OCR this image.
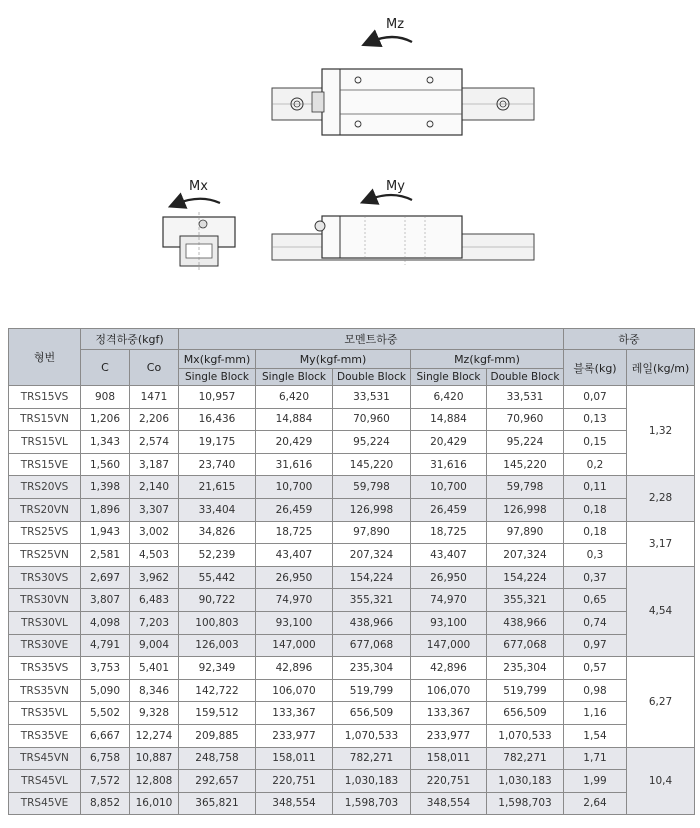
Mz
Mx	My
형번	정격하중(kgf)		모멘트하중					하중	
	C	Co	Mx(kgf-mm)	My(kgf-mm)		Mz(kgf-mm)		블록(kg)	레일(kg/m)
			Single Block	Single Block	Double Block	Single Block	Double Block		
TRS15VS	908	1471	10,957	6,420	33,531	6,420	33,531	0,07	1,32
TRS15VN	1,206	2,206	16,436	14,884	70,960	14,884	70,960	0,13	
TRS15VL	1,343	2,574	19,175	20,429	95,224	20,429	95,224	0,15	
TRS15VE	1,560	3,187	23,740	31,616	145,220	31,616	145,220	0,2	
TRS20VS	1,398	2,140	21,615	10,700	59,798	10,700	59,798	0,11	2,28
TRS20VN	1,896	3,307	33,404	26,459	126,998	26,459	126,998	0,18	
TRS25VS	1,943	3,002	34,826	18,725	97,890	18,725	97,890	0,18	3,17
TRS25VN	2,581	4,503	52,239	43,407	207,324	43,407	207,324	0,3	
TRS30VS	2,697	3,962	55,442	26,950	154,224	26,950	154,224	0,37	4,54
TRS30VN	3,807	6,483	90,722	74,970	355,321	74,970	355,321	0,65	
TRS30VL	4,098	7,203	100,803	93,100	438,966	93,100	438,966	0,74	
TRS30VE	4,791	9,004	126,003	147,000	677,068	147,000	677,068	0,97	
TRS35VS	3,753	5,401	92,349	42,896	235,304	42,896	235,304	0,57	6,27
TRS35VN	5,090	8,346	142,722	106,070	519,799	106,070	519,799	0,98	
TRS35VL	5,502	9,328	159,512	133,367	656,509	133,367	656,509	1,16	
TRS35VE	6,667	12,274	209,885	233,977	1,070,533	233,977	1,070,533	1,54	
TRS45VN	6,758	10,887	248,758	158,011	782,271	158,011	782,271	1,71	10,4
TRS45VL	7,572	12,808	292,657	220,751	1,030,183	220,751	1,030,183	1,99	
TRS45VE	8,852	16,010	365,821	348,554	1,598,703	348,554	1,598,703	2,64	
